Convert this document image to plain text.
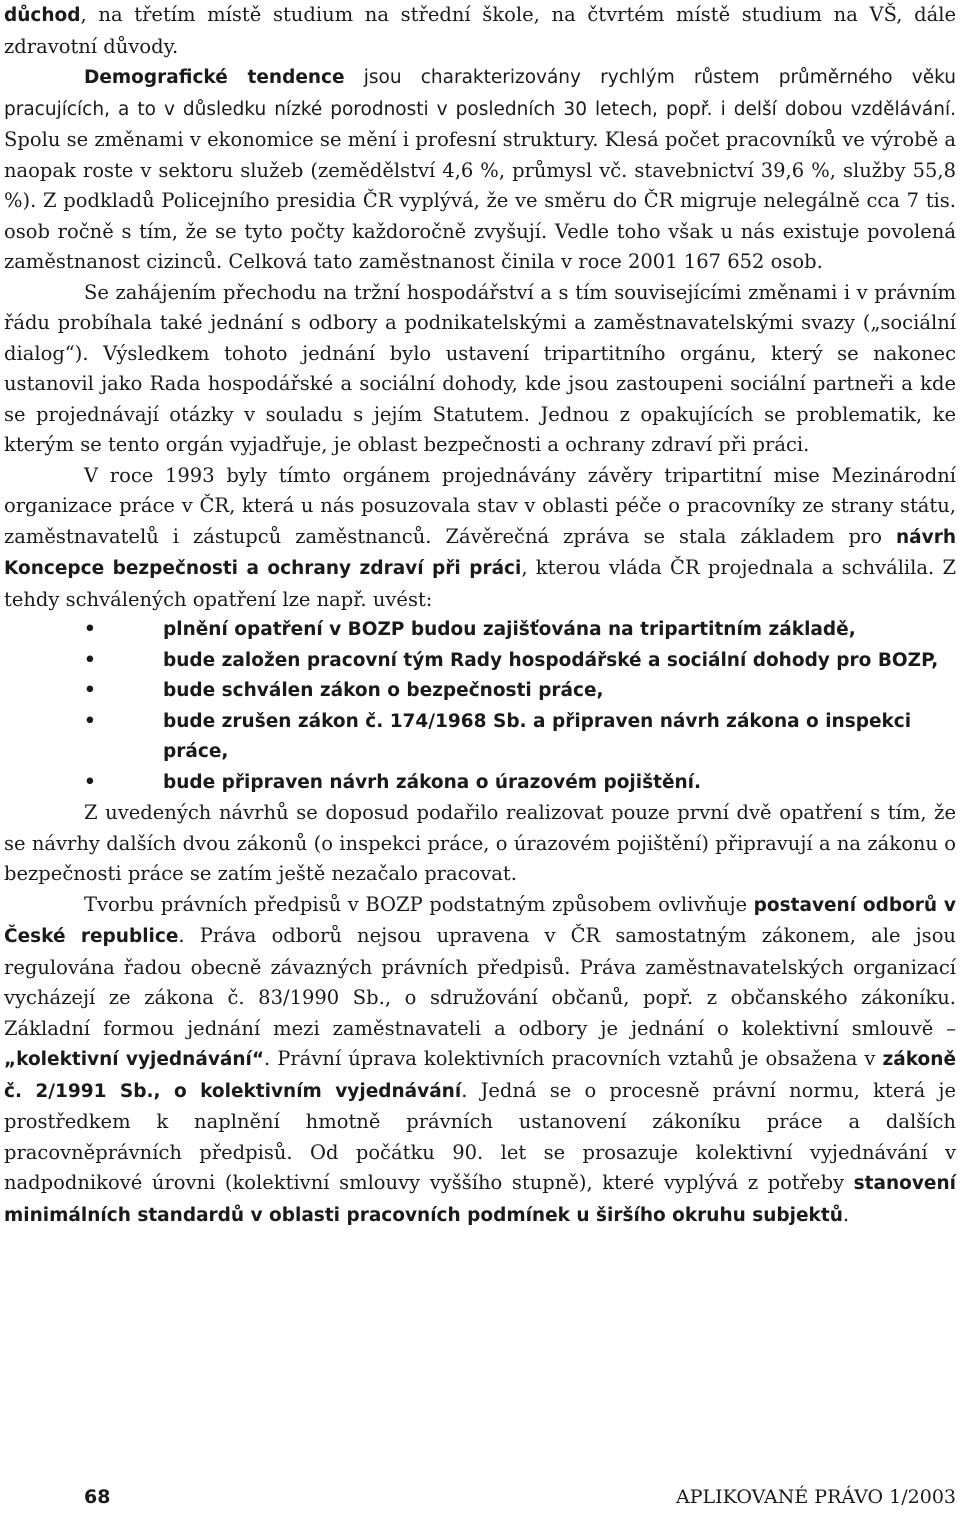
důchod, na třetím místě studium na střední škole, na čtvrtém místě studium na VŠ, dále zdravotní důvody.

Demografické tendence jsou charakterizovány rychlým růstem průměrného věku pracujících, a to v důsledku nízké porodnosti v posledních 30 letech, popř. i delší dobou vzdělávání. Spolu se změnami v ekonomice se mění i profesní struktury. Klesá počet pracovníků ve výrobě a naopak roste v sektoru služeb (zemědělství 4,6 %, průmysl vč. stavebnictví 39,6 %, služby 55,8 %). Z podkladů Policejního presidia ČR vyplývá, že ve směru do ČR migruje nelegálně cca 7 tis. osob ročně s tím, že se tyto počty každoročně zvyšují. Vedle toho však u nás existuje povolená zaměstnanost cizinců. Celková tato zaměstnanost činila v roce 2001 167 652 osob.

Se zahájením přechodu na tržní hospodářství a s tím souvisejícími změnami i v právním řádu probíhala také jednání s odbory a podnikatelskými a zaměstnavatelskými svazy („sociální dialog“). Výsledkem tohoto jednání bylo ustavení tripartitního orgánu, který se nakonec ustanovil jako Rada hospodářské a sociální dohody, kde jsou zastoupeni sociální partneři a kde se projednávají otázky v souladu s jejím Statutem. Jednou z opakujících se problematik, ke kterým se tento orgán vyjadřuje, je oblast bezpečnosti a ochrany zdraví při práci.

V roce 1993 byly tímto orgánem projednávány závěry tripartitní mise Mezinárodní organizace práce v ČR, která u nás posuzovala stav v oblasti péče o pracovníky ze strany státu, zaměstnavatelů i zástupců zaměstnanců. Závěrečná zpráva se stala základem pro návrh Koncepce bezpečnosti a ochrany zdraví při práci, kterou vláda ČR projednala a schválila. Z tehdy schválených opatření lze např. uvést:

•	plnění opatření v BOZP budou zajišťována na tripartitním základě,
•	bude založen pracovní tým Rady hospodářské a sociální dohody pro BOZP,
•	bude schválen zákon o bezpečnosti práce,
•	bude zrušen zákon č. 174/1968 Sb. a připraven návrh zákona o inspekci práce,
•	bude připraven návrh zákona o úrazovém pojištění.

Z uvedených návrhů se doposud podařilo realizovat pouze první dvě opatření s tím, že se návrhy dalších dvou zákonů (o inspekci práce, o úrazovém pojištění) připravují a na zákonu o bezpečnosti práce se zatím ještě nezačalo pracovat.

Tvorbu právních předpisů v BOZP podstatným způsobem ovlivňuje postavení odborů v České republice. Práva odborů nejsou upravena v ČR samostatným zákonem, ale jsou regulována řadou obecně závazných právních předpisů. Práva zaměstnavatelských organizací vycházejí ze zákona č. 83/1990 Sb., o sdružování občanů, popř. z občanského zákoníku. Základní formou jednání mezi zaměstnavateli a odbory je jednání o kolektivní smlouvě – „kolektivní vyjednávání“. Právní úprava kolektivních pracovních vztahů je obsažena v zákoně č. 2/1991 Sb., o kolektivním vyjednávání. Jedná se o procesně právní normu, která je prostředkem k naplnění hmotně právních ustanovení zákoníku práce a dalších pracovněprávních předpisů. Od počátku 90. let se prosazuje kolektivní vyjednávání v nadpodnikové úrovni (kolektivní smlouvy vyššího stupně), které vyplývá z potřeby stanovení minimálních standardů v oblasti pracovních podmínek u širšího okruhu subjektů.

68	APLIKOVANÉ PRÁVO 1/2003
